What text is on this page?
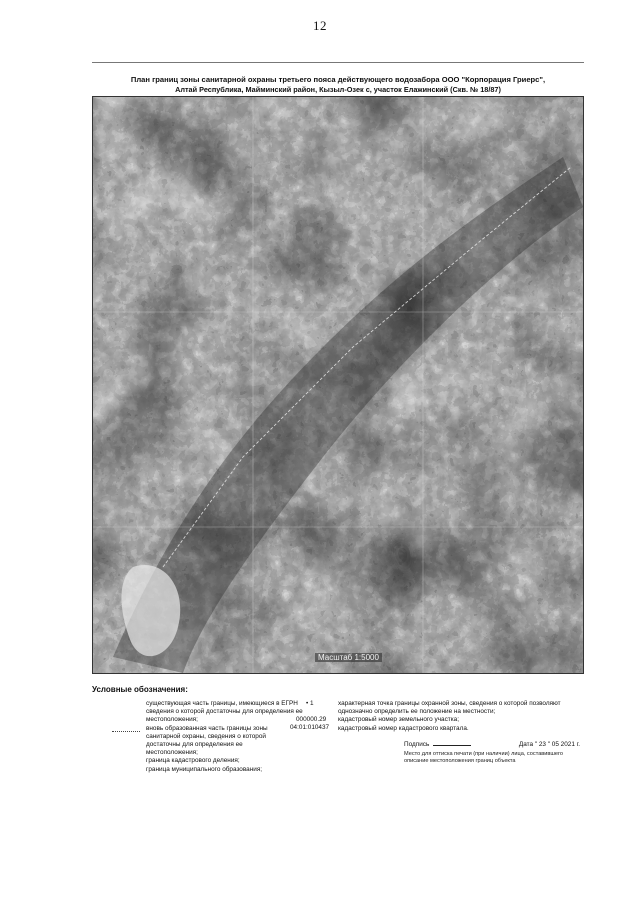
12
План границ зоны санитарной охраны третьего пояса действующего водозабора ООО "Корпорация Гриерс",
Алтай Республика, Майминский район, Кызыл-Озек с, участок Елажинский (Скв. № 18/87)
Масштаб 1:5000
Условные обозначения:
существующая часть границы, имеющиеся в ЕГРН
сведения о которой достаточны для определения ее
местоположения;
вновь образованная часть границы зоны
санитарной охраны, сведения о которой
достаточны для определения ее
местоположения;
граница кадастрового деления;
граница муниципального образования;
• 1
000000.29
04:01:010437
характерная точка границы охранной зоны, сведения о которой позволяют
однозначно определить ее положение на местности;
кадастровый номер земельного участка;
кадастровый номер кадастрового квартала.
Подпись	Дата " 23 " 05 2021 г.
Место для оттиска печати (при наличии) лица, составившего описание местоположения границ объекта
